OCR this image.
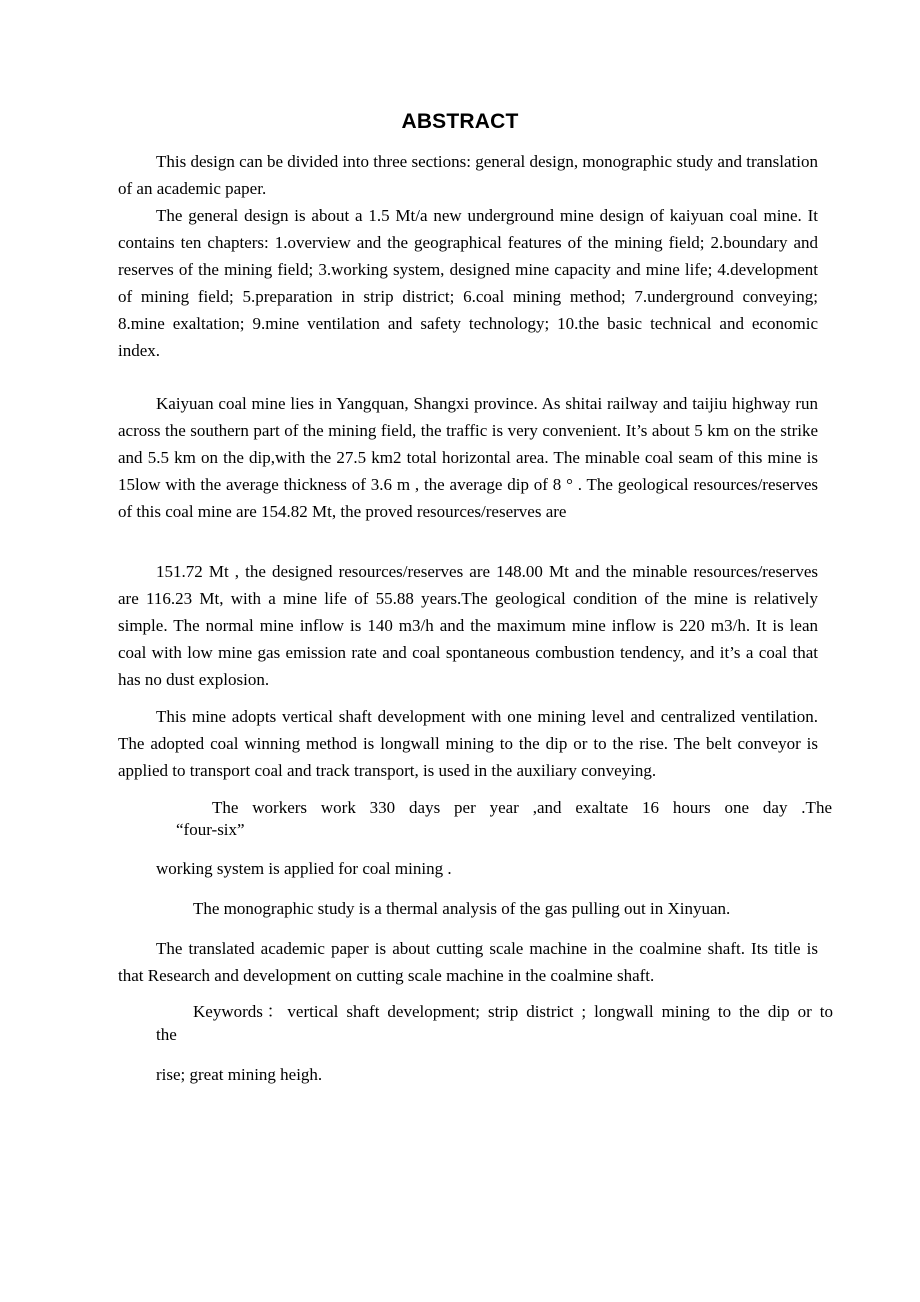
ABSTRACT

This design can be divided into three sections: general design, monographic study and translation of an academic paper.

The general design is about a 1.5 Mt/a new underground mine design of kaiyuan coal mine. It contains ten chapters: 1.overview and the geographical features of the mining field; 2.boundary and reserves of the mining field; 3.working system, designed mine capacity and mine life; 4.development of mining field; 5.preparation in strip district; 6.coal mining method; 7.underground conveying; 8.mine exaltation; 9.mine ventilation and safety technology; 10.the basic technical and economic index.

Kaiyuan coal mine lies in Yangquan, Shangxi province. As shitai railway and taijiu highway run across the southern part of the mining field, the traffic is very convenient. It’s about 5 km on the strike and 5.5 km on the dip,with the 27.5 km2 total horizontal area. The minable coal seam of this mine is 15low with the average thickness of 3.6 m , the average dip of 8 ° . The geological resources/reserves of this coal mine are 154.82 Mt, the proved resources/reserves are

151.72 Mt , the designed resources/reserves are 148.00 Mt and the minable resources/reserves are 116.23 Mt, with a mine life of 55.88 years.The geological condition of the mine is relatively simple. The normal mine inflow is 140 m3/h and the maximum mine inflow is 220 m3/h. It is lean coal with low mine gas emission rate and coal spontaneous combustion tendency, and it’s a coal that has no dust explosion.

This mine adopts vertical shaft development with one mining level and centralized ventilation. The adopted coal winning method is longwall mining to the dip or to the rise. The belt conveyor is applied to transport coal and track transport, is used in the auxiliary conveying.

The workers work 330 days per year ,and exaltate 16 hours one day .The
“four-six”
working system is applied for coal mining .
The monographic study is a thermal analysis of the gas pulling out in Xinyuan.

The translated academic paper is about cutting scale machine in the coalmine shaft. Its title is that Research and development on cutting scale machine in the coalmine shaft.

Keywords：vertical shaft development; strip district ; longwall mining to the dip or to
the
rise; great mining heigh.
